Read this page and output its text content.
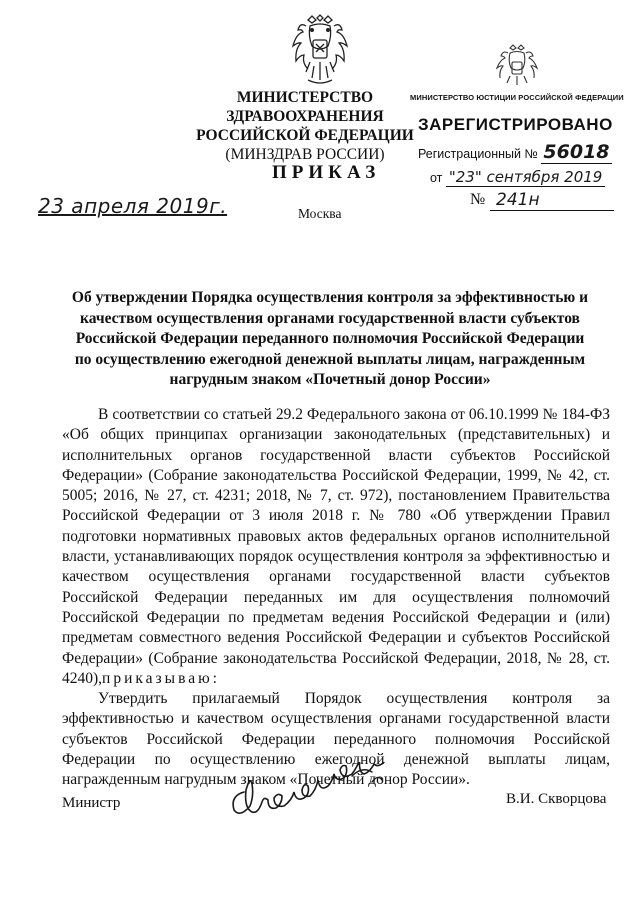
МИНИСТЕРСТВО ЗДРАВООХРАНЕНИЯ
РОССИЙСКОЙ ФЕДЕРАЦИИ
(МИНЗДРАВ РОССИИ)
МИНИСТЕРСТВО ЮСТИЦИИ РОССИЙСКОЙ ФЕДЕРАЦИИ
ЗАРЕГИСТРИРОВАНО
Регистрационный № 56018
от "23" сентября 2019
ПРИКАЗ
23 апреля 2019г.	Москва
№ 241н
Об утверждении Порядка осуществления контроля за эффективностью и качеством осуществления органами государственной власти субъектов Российской Федерации переданного полномочия Российской Федерации по осуществлению ежегодной денежной выплаты лицам, награжденным нагрудным знаком «Почетный донор России»

В соответствии со статьей 29.2 Федерального закона от 06.10.1999 № 184-ФЗ «Об общих принципах организации законодательных (представительных) и исполнительных органов государственной власти субъектов Российской Федерации» (Собрание законодательства Российской Федерации, 1999, № 42, ст. 5005; 2016, № 27, ст. 4231; 2018, № 7, ст. 972), постановлением Правительства Российской Федерации от 3 июля 2018 г. № 780 «Об утверждении Правил подготовки нормативных правовых актов федеральных органов исполнительной власти, устанавливающих порядок осуществления контроля за эффективностью и качеством осуществления органами государственной власти субъектов Российской Федерации переданных им для осуществления полномочий Российской Федерации по предметам ведения Российской Федерации и (или) предметам совместного ведения Российской Федерации и субъектов Российской Федерации» (Собрание законодательства Российской Федерации, 2018, № 28, ст. 4240),приказываю:

Утвердить прилагаемый Порядок осуществления контроля за эффективностью и качеством осуществления органами государственной власти субъектов Российской Федерации переданного полномочия Российской Федерации по осуществлению ежегодной денежной выплаты лицам, награжденным нагрудным знаком «Почетный донор России».

Министр	В.И. Скворцова
